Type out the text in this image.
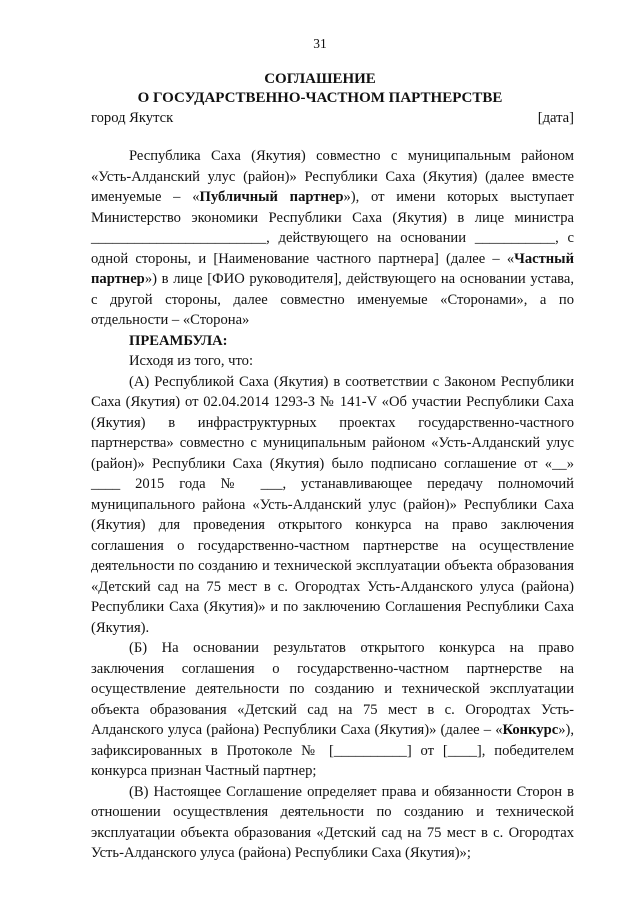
31
СОГЛАШЕНИЕ
О ГОСУДАРСТВЕННО-ЧАСТНОМ ПАРТНЕРСТВЕ
город Якутск	[дата]

Республика Саха (Якутия) совместно с муниципальным районом «Усть-Алданский улус (район)» Республики Саха (Якутия) (далее вместе именуемые – «Публичный партнер»), от имени которых выступает Министерство экономики Республики Саха (Якутия) в лице министра ________________________, действующего на основании ___________, с одной стороны, и [Наименование частного партнера] (далее – «Частный партнер») в лице [ФИО руководителя], действующего на основании устава, с другой стороны, далее совместно именуемые «Сторонами», а по отдельности – «Сторона»

ПРЕАМБУЛА:

Исходя из того, что:

(А) Республикой Саха (Якутия) в соответствии с Законом Республики Саха (Якутия) от 02.04.2014 1293-З № 141-V «Об участии Республики Саха (Якутия) в инфраструктурных проектах государственно-частного партнерства» совместно с муниципальным районом «Усть-Алданский улус (район)» Республики Саха (Якутия) было подписано соглашение от «__» ____ 2015 года № ___, устанавливающее передачу полномочий муниципального района «Усть-Алданский улус (район)» Республики Саха (Якутия) для проведения открытого конкурса на право заключения соглашения о государственно-частном партнерстве на осуществление деятельности по созданию и технической эксплуатации объекта образования «Детский сад на 75 мест в с. Огородтах Усть-Алданского улуса (района) Республики Саха (Якутия)» и по заключению Соглашения Республики Саха (Якутия).

(Б) На основании результатов открытого конкурса на право заключения соглашения о государственно-частном партнерстве на осуществление деятельности по созданию и технической эксплуатации объекта образования «Детский сад на 75 мест в с. Огородтах Усть-Алданского улуса (района) Республики Саха (Якутия)» (далее – «Конкурс»), зафиксированных в Протоколе № [__________] от [____], победителем конкурса признан Частный партнер;

(В) Настоящее Соглашение определяет права и обязанности Сторон в отношении осуществления деятельности по созданию и технической эксплуатации объекта образования «Детский сад на 75 мест в с. Огородтах Усть-Алданского улуса (района) Республики Саха (Якутия)»;
